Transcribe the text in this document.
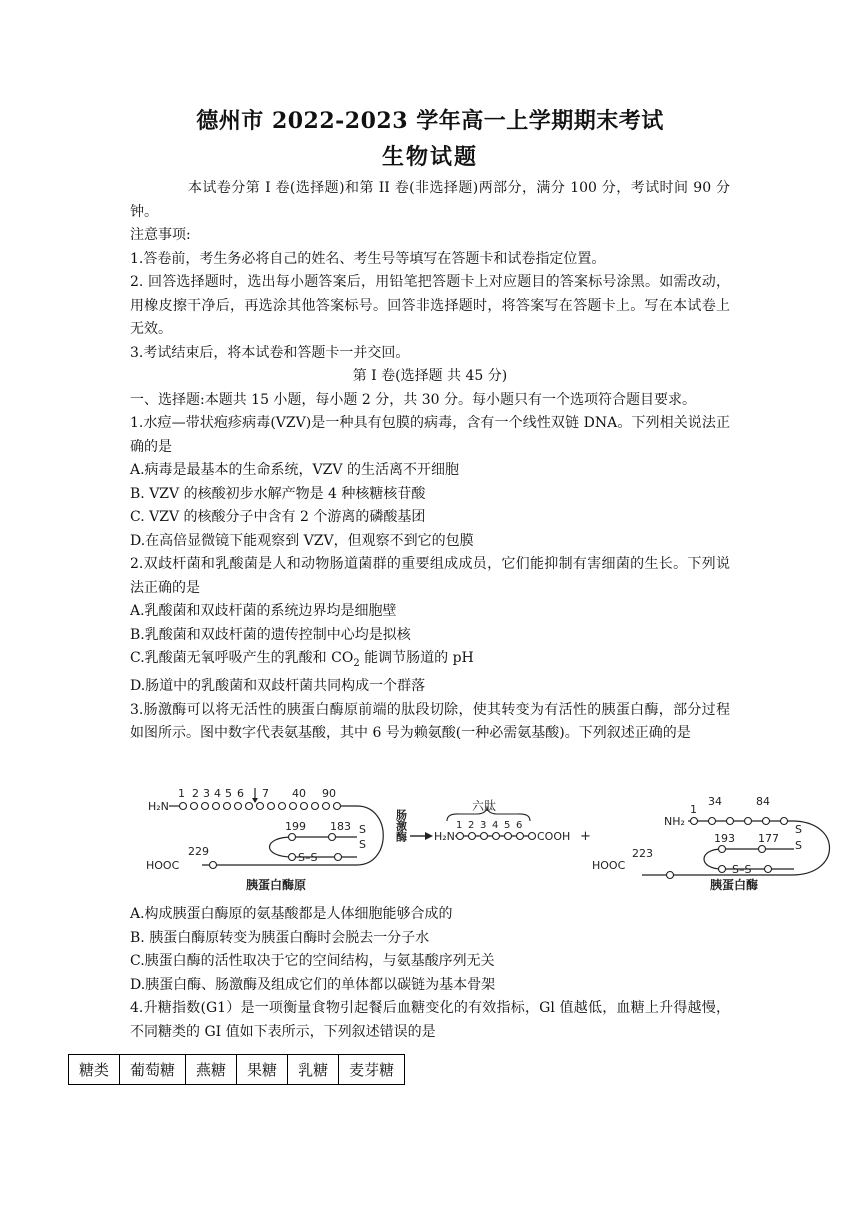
德州市 2022-2023 学年高一上学期期末考试
生物试题

本试卷分第 I 卷(选择题)和第 II 卷(非选择题)两部分，满分 100 分，考试时间 90 分钟。

注意事项:

1.答卷前，考生务必将自己的姓名、考生号等填写在答题卡和试卷指定位置。

2. 回答选择题时，选出每小题答案后，用铅笔把答题卡上对应题目的答案标号涂黑。如需改动，用橡皮擦干净后，再选涂其他答案标号。回答非选择题时，将答案写在答题卡上。写在本试卷上无效。

3.考试结束后，将本试卷和答题卡一并交回。

第 I 卷(选择题 共 45 分)

一、选择题:本题共 15 小题，每小题 2 分，共 30 分。每小题只有一个选项符合题目要求。

1.水痘—带状疱疹病毒(VZV)是一种具有包膜的病毒，含有一个线性双链 DNA。下列相关说法正确的是

A.病毒是最基本的生命系统，VZV 的生活离不开细胞

B. VZV 的核酸初步水解产物是 4 种核糖核苷酸

C. VZV 的核酸分子中含有 2 个游离的磷酸基团

D.在高倍显微镜下能观察到 VZV，但观察不到它的包膜

2.双歧杆菌和乳酸菌是人和动物肠道菌群的重要组成成员，它们能抑制有害细菌的生长。下列说法正确的是

A.乳酸菌和双歧杆菌的系统边界均是细胞壁

B.乳酸菌和双歧杆菌的遗传控制中心均是拟核

C.乳酸菌无氧呼吸产生的乳酸和 $CO_2$ 能调节肠道的 pH

D.肠道中的乳酸菌和双歧杆菌共同构成一个群落

3.肠激酶可以将无活性的胰蛋白酶原前端的肽段切除，使其转变为有活性的胰蛋白酶，部分过程如图所示。图中数字代表氨基酸，其中 6 号为赖氨酸(一种必需氨基酸)。下列叙述正确的是

H₂N
1 2 3 4 5 6 7 40 90
199 183
S–S
S
S
229
HOOC
胰蛋白酶原
肠激酶
六肽
H₂N
1 2 3 4 5 6
COOH +
NH₂
1
34	84
193 177
S–S
S
S
223
HOOC
胰蛋白酶

A.构成胰蛋白酶原的氨基酸都是人体细胞能够合成的

B. 胰蛋白酶原转变为胰蛋白酶时会脱去一分子水

C.胰蛋白酶的活性取决于它的空间结构，与氨基酸序列无关

D.胰蛋白酶、肠激酶及组成它们的单体都以碳链为基本骨架

4.升糖指数(G1）是一项衡量食物引起餐后血糖变化的有效指标，Gl 值越低，血糖上升得越慢，不同糖类的 GI 值如下表所示，下列叙述错误的是

糖类	葡萄糖	燕糖	果糖	乳糖	麦芽糖
